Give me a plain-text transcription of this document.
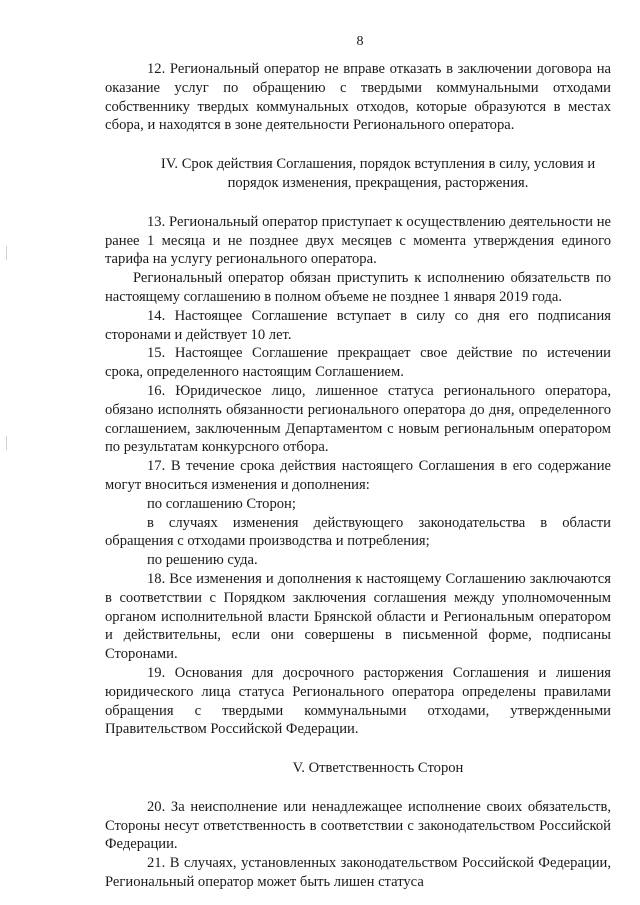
8

12. Региональный оператор не вправе отказать в заключении договора на оказание услуг по обращению с твердыми коммунальными отходами собственнику твердых коммунальных отходов, которые образуются в местах сбора, и находятся в зоне деятельности Регионального оператора.

IV. Срок действия Соглашения, порядок вступления в силу, условия и порядок изменения, прекращения, расторжения.

13. Региональный оператор приступает к осуществлению деятельности не ранее 1 месяца и не позднее двух месяцев с момента утверждения единого тарифа на услугу регионального оператора.

Региональный оператор обязан приступить к исполнению обязательств по настоящему соглашению в полном объеме не позднее 1 января 2019 года.

14. Настоящее Соглашение вступает в силу со дня его подписания сторонами и действует 10 лет.

15. Настоящее Соглашение прекращает свое действие по истечении срока, определенного настоящим Соглашением.

16. Юридическое лицо, лишенное статуса регионального оператора, обязано исполнять обязанности регионального оператора до дня, определенного соглашением, заключенным Департаментом с новым региональным оператором по результатам конкурсного отбора.

17. В течение срока действия настоящего Соглашения в его содержание могут вноситься изменения и дополнения:

по соглашению Сторон;

в случаях изменения действующего законодательства в области обращения с отходами производства и потребления;

по решению суда.

18. Все изменения и дополнения к настоящему Соглашению заключаются в соответствии с Порядком заключения соглашения между уполномоченным органом исполнительной власти Брянской области и Региональным оператором и действительны, если они совершены в письменной форме, подписаны Сторонами.

19. Основания для досрочного расторжения Соглашения и лишения юридического лица статуса Регионального оператора определены правилами обращения с твердыми коммунальными отходами, утвержденными Правительством Российской Федерации.

V. Ответственность Сторон

20. За неисполнение или ненадлежащее исполнение своих обязательств, Стороны несут ответственность в соответствии с законодательством Российской Федерации.

21. В случаях, установленных законодательством Российской Федерации, Региональный оператор может быть лишен статуса
